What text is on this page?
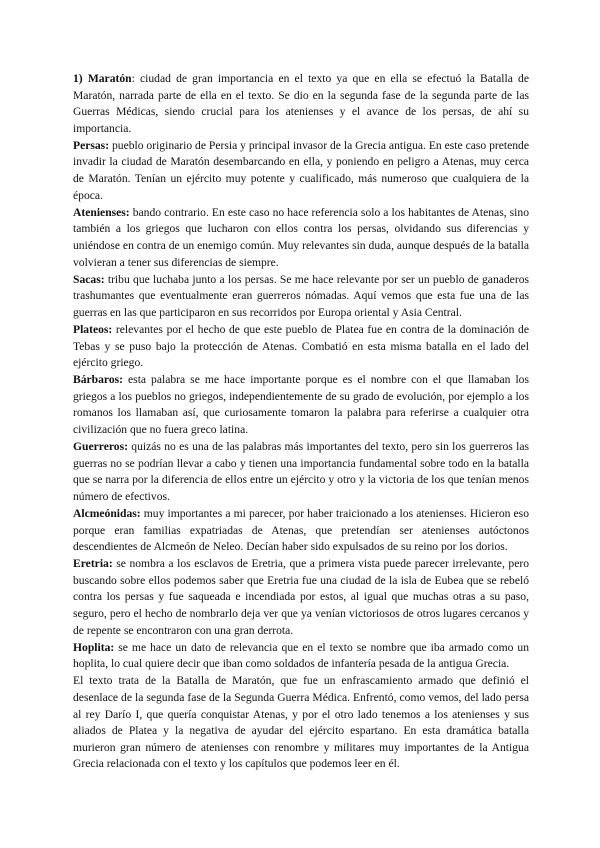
1) Maratón: ciudad de gran importancia en el texto ya que en ella se efectuó la Batalla de Maratón, narrada parte de ella en el texto. Se dio en la segunda fase de la segunda parte de las Guerras Médicas, siendo crucial para los atenienses y el avance de los persas, de ahí su importancia.

Persas: pueblo originario de Persia y principal invasor de la Grecia antigua. En este caso pretende invadir la ciudad de Maratón desembarcando en ella, y poniendo en peligro a Atenas, muy cerca de Maratón. Tenían un ejército muy potente y cualificado, más numeroso que cualquiera de la época.

Atenienses: bando contrario. En este caso no hace referencia solo a los habitantes de Atenas, sino también a los griegos que lucharon con ellos contra los persas, olvidando sus diferencias y uniéndose en contra de un enemigo común. Muy relevantes sin duda, aunque después de la batalla volvieran a tener sus diferencias de siempre.

Sacas: tribu que luchaba junto a los persas. Se me hace relevante por ser un pueblo de ganaderos trashumantes que eventualmente eran guerreros nómadas. Aquí vemos que esta fue una de las guerras en las que participaron en sus recorridos por Europa oriental y Asia Central.

Plateos: relevantes por el hecho de que este pueblo de Platea fue en contra de la dominación de Tebas y se puso bajo la protección de Atenas. Combatió en esta misma batalla en el lado del ejército griego.

Bárbaros: esta palabra se me hace importante porque es el nombre con el que llamaban los griegos a los pueblos no griegos, independientemente de su grado de evolución, por ejemplo a los romanos los llamaban así, que curiosamente tomaron la palabra para referirse a cualquier otra civilización que no fuera greco latina.

Guerreros: quizás no es una de las palabras más importantes del texto, pero sin los guerreros las guerras no se podrían llevar a cabo y tienen una importancia fundamental sobre todo en la batalla que se narra por la diferencia de ellos entre un ejército y otro y la victoria de los que tenían menos número de efectivos.

Alcmeónidas: muy importantes a mi parecer, por haber traicionado a los atenienses. Hicieron eso porque eran familias expatriadas de Atenas, que pretendían ser atenienses autóctonos descendientes de Alcmeón de Neleo. Decían haber sido expulsados de su reino por los dorios.

Eretria: se nombra a los esclavos de Eretria, que a primera vista puede parecer irrelevante, pero buscando sobre ellos podemos saber que Eretria fue una ciudad de la isla de Eubea que se rebeló contra los persas y fue saqueada e incendiada por estos, al igual que muchas otras a su paso, seguro, pero el hecho de nombrarlo deja ver que ya venían victoriosos de otros lugares cercanos y de repente se encontraron con una gran derrota.

Hoplita: se me hace un dato de relevancia que en el texto se nombre que iba armado como un hoplita, lo cual quiere decir que iban como soldados de infantería pesada de la antigua Grecia.

El texto trata de la Batalla de Maratón, que fue un enfrascamiento armado que definió el desenlace de la segunda fase de la Segunda Guerra Médica. Enfrentó, como vemos, del lado persa al rey Darío I, que quería conquistar Atenas, y por el otro lado tenemos a los atenienses y sus aliados de Platea y la negativa de ayudar del ejército espartano. En esta dramática batalla murieron gran número de atenienses con renombre y militares muy importantes de la Antigua Grecia relacionada con el texto y los capítulos que podemos leer en él.
